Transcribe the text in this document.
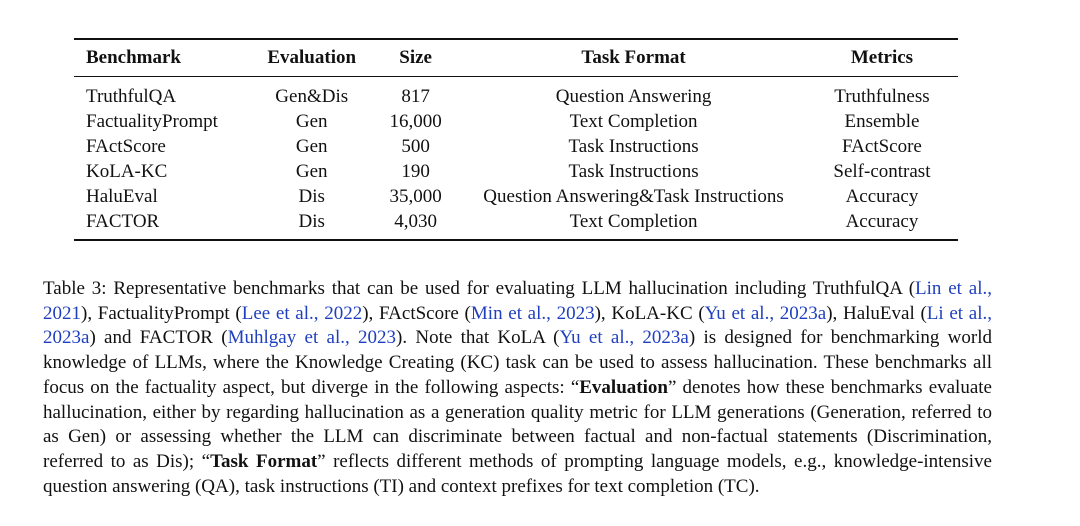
Benchmark	Evaluation	Size	Task Format	Metrics
TruthfulQA	Gen&Dis	817	Question Answering	Truthfulness
FactualityPrompt	Gen	16,000	Text Completion	Ensemble
FActScore	Gen	500	Task Instructions	FActScore
KoLA-KC	Gen	190	Task Instructions	Self-contrast
HaluEval	Dis	35,000	Question Answering&Task Instructions	Accuracy
FACTOR	Dis	4,030	Text Completion	Accuracy

Table 3: Representative benchmarks that can be used for evaluating LLM hallucination including TruthfulQA (Lin et al., 2021), FactualityPrompt (Lee et al., 2022), FActScore (Min et al., 2023), KoLA-KC (Yu et al., 2023a), HaluEval (Li et al., 2023a) and FACTOR (Muhlgay et al., 2023). Note that KoLA (Yu et al., 2023a) is designed for benchmarking world knowledge of LLMs, where the Knowledge Creating (KC) task can be used to assess hallucination. These benchmarks all focus on the factuality aspect, but diverge in the following aspects: “Evaluation” denotes how these benchmarks evaluate hallucination, either by regarding hallucination as a generation quality metric for LLM generations (Generation, referred to as Gen) or assessing whether the LLM can discriminate between factual and non-factual statements (Discrimination, referred to as Dis); “Task Format” reflects different methods of prompting language models, e.g., knowledge-intensive question answering (QA), task instructions (TI) and context prefixes for text completion (TC).
